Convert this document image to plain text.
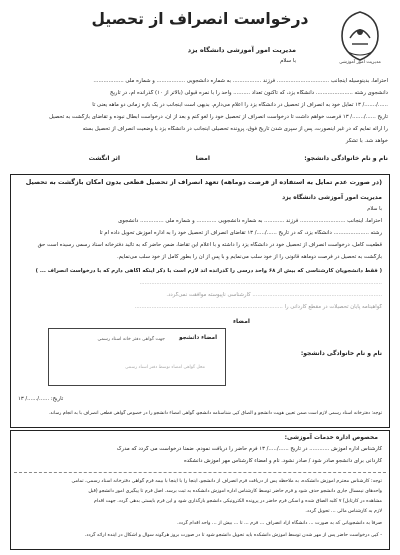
مدیریت امور آموزشی
درخواست انصراف از تحصیل
مدیریت امور آموزشی دانشگاه یزد
با سلام
احتراماً، بدینوسیله اینجانب ............................... فرزند ................. به شماره دانشجویی ................. و شماره ملی ..................
دانشجوی رشته ...................... دانشگاه یزد، که تاکنون تعداد .......... واحد را با نمره قبولی (بالاتر از ۱۰) گذرانده ام، در تاریخ
....../......./ ۱۳ تمایل خود به انصراف از تحصیل در دانشگاه یزد را اعلام می‌دارم. بدیهی است اینجانب در یک بازه زمانی دو ماهه یعنی تا
تاریخ ....../......./ ۱۳ فرصت خواهم داشت تا درخواست انصراف از تحصیل خود را لغو کنم و بعد از آن، درخواست ابطال نبوده و تقاضای بازگشت به تحصیل
را ارائه نمایم که در غیر اینصورت، پس از سپری شدن تاریخ فوق، پرونده تحصیلی اینجانب در دانشگاه یزد با وضعیت انصراف از تحصیل بسته
خواهد شد. با تشکر
نام و نام خانوادگی دانشجو:
امضا
اثر انگشت
(در صورت عدم تمایل به استفاده از فرصت دوماهه) تعهد انصراف از تحصیل قطعی بدون امکان بازگشت به تحصیل
مدیریت امور آموزشی دانشگاه یزد
با سلام
احتراماً، اینجانب ........................... فرزند ............ به شماره دانشجویی ............ و شماره ملی .............. دانشجوی
رشته ..................... دانشگاه یزد، که در تاریخ ....../...../ ۱۳ تقاضای انصراف از تحصیل خود را به اداره آموزش تحویل داده ام تا
قطعیت کامل، درخواست انصراف از تحصیل خود در دانشگاه یزد را داشته و با اعلام این تقاضا، ضمن حاضر که به تائید دفترخانه اسناد رسمی رسیده است حق
بازگشت به تحصیل در فرصت دوماهه قانونی را از خود سلب می‌نمایم و با پس از آن را بطور کامل از خود سلب می‌نمایم.
( فقط دانشجویان کارشناسی که بیش از ۶۸ واحد درسی را گذرانده اند لازم است با ذکر اینکه آگاهی دارم که با درخواست انصراف ... )
................................................................................................................................................
............................................................................. کارشناسی ناپیوسته موافقت نمی‌گردد.
گواهینامه پایان تحصیلات در مقطع کاردانی را ........................................................................................
امضاء
نام و نام خانوادگی دانشجو:
امضاء دانشجو
جهت گواهی دفتر خانه اسناد رسمی
محل گواهی امضاء توسط دفتر اسناد رسمی
تاریخ: ....../....../ ۱۳
توجه: دفترخانه اسناد رسمی لازم است ضمن تعیین هویت دانشجو و الصاق کپی شناسنامه دانشجو، گواهی امضاء دانشجو را در خصوص گواهی قطعی انصراف با به انجام رساند.
مخصوص اداره خدمات آموزشی:
کارشناس اداره آموزش ............ در تاریخ ....../...../ ۱۳ فرم حاضر را دریافت نمودم. ضمناً درخواست می گردد که مدرک
کاردانی برای دانشجو صادر شود / صادر نشود. نام و امضاء کارشناس مهر آموزش دانشکده
توجه: کارشناس محترم آموزش دانشکده، به ملاحظه پس از دریافت فرم انصراف از دانشجو، اینجا را با اینجا با بیمه فرم گواهی دفترخانه اسناد رسمی، تمامی
واحدهای نیمسال جاری دانشجو حذف شود و فرم حاضر توسط کارشناس اداره آموزش دانشکده به ثبت برسد. اصل فرم تا پیگیری امور دانشجو (قبل
مشاهده در کارتابل) ۷ کلبه الصاق شده و اسکن فرم حاضر در پرونده الکترونیکی دانشجو بارگذاری شود و این فرم بایستی بدهی گردد. جهت اقدام
لازم به کارشناس مالی ... تحویل گردد.
صرفاً به دانشجویانی که به صورت ... دانشگاه آزاد انصراف ... فرم ... تا ... بیش از ... واحد اقدام گردد.
- کپی درخواست حاضر پس از مهر شدن توسط آموزش دانشکده باید تحویل دانشجو شود تا در صورت بروز هرگونه سوال و اشکال در آینده ارائه گردد.
